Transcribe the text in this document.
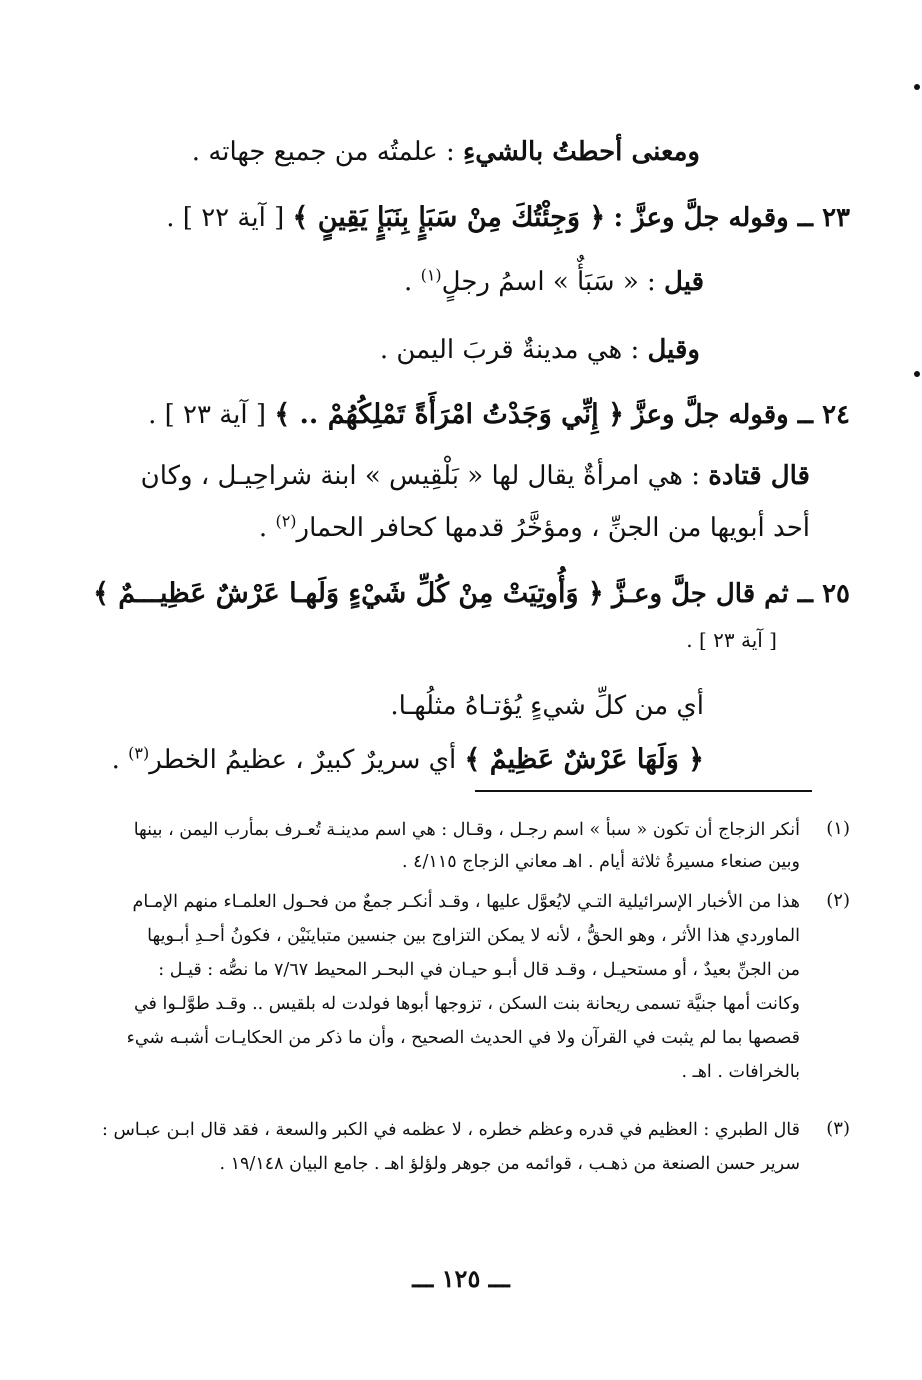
ومعنى أحطتُ بالشيءِ : علمتُه من جميع جهاته .
٢٣ ــ وقوله جلَّ وعزَّ : ﴿ وَجِئْتُكَ مِنْ سَبَإٍ بِنَبَإٍ يَقِينٍ ﴾ [ آية ٢٢ ] .
قيل : « سَبَأٌ » اسمُ رجلٍ$^{(١)}$ .
وقيل : هي مدينةٌ قربَ اليمن .
٢٤ ــ وقوله جلَّ وعزَّ ﴿ إِنِّي وَجَدْتُ امْرَأَةً تَمْلِكُهُمْ .. ﴾ [ آية ٢٣ ] .
قال قتادة : هي امرأةٌ يقال لها « بَلْقِيس » ابنة شراحِيـل ، وكان
أحد أبويها من الجنِّ ، ومؤخَّرُ قدمها كحافر الحمار$^{(٢)}$ .
٢٥ ــ ثم قال جلَّ وعـزَّ ﴿ وَأُوتِيَتْ مِنْ كُلِّ شَيْءٍ وَلَهـا عَرْشٌ عَظِيـــمٌ ﴾
[ آية ٢٣ ] .
أي من كلِّ شيءٍ يُؤتـاهُ مثلُهـا.
﴿ وَلَهَا عَرْشٌ عَظِيمٌ ﴾ أي سريرٌ كبيرٌ ، عظيمُ الخطر$^{(٣)}$ .
(١)
أنكر الزجاج أن تكون « سبأ » اسم رجـل ، وقـال : هي اسم مدينـة تُعـرف بمأرب اليمن ، بينها
وبين صنعاء مسيرةُ ثلاثة أيام . اهـ معاني الزجاج ٤/١١٥ .
(٢)
هذا من الأخبار الإسرائيلية التـي لايُعوَّل عليها ، وقـد أنكـر جمعٌ من فحـول العلمـاء منهم الإمـام
الماوردي هذا الأثر ، وهو الحقُّ ، لأنه لا يمكن التزاوج بين جنسين متباينَيْن ، فكونُ أحـدِ أبـويها
من الجنِّ بعيدٌ ، أو مستحيـل ، وقـد قال أبـو حيـان في البحـر المحيط ٧/٦٧ ما نصُّه : قيـل :
وكانت أمها جنيَّة تسمى ريحانة بنت السكن ، تزوجها أبوها فولدت له بلقيس .. وقـد طوَّلـوا في
قصصها بما لم يثبت في القرآن ولا في الحديث الصحيح ، وأن ما ذكر من الحكايـات أشبـه شيء
بالخرافات . اهـ .
(٣)
قال الطبري : العظيم في قدره وعظم خطره ، لا عظمه في الكبر والسعة ، فقد قال ابـن عبـاس :
سرير حسن الصنعة من ذهـب ، قوائمه من جوهر ولؤلؤ اهـ . جامع البيان ١٩/١٤٨ .
ـــ ١٢٥ ـــ
